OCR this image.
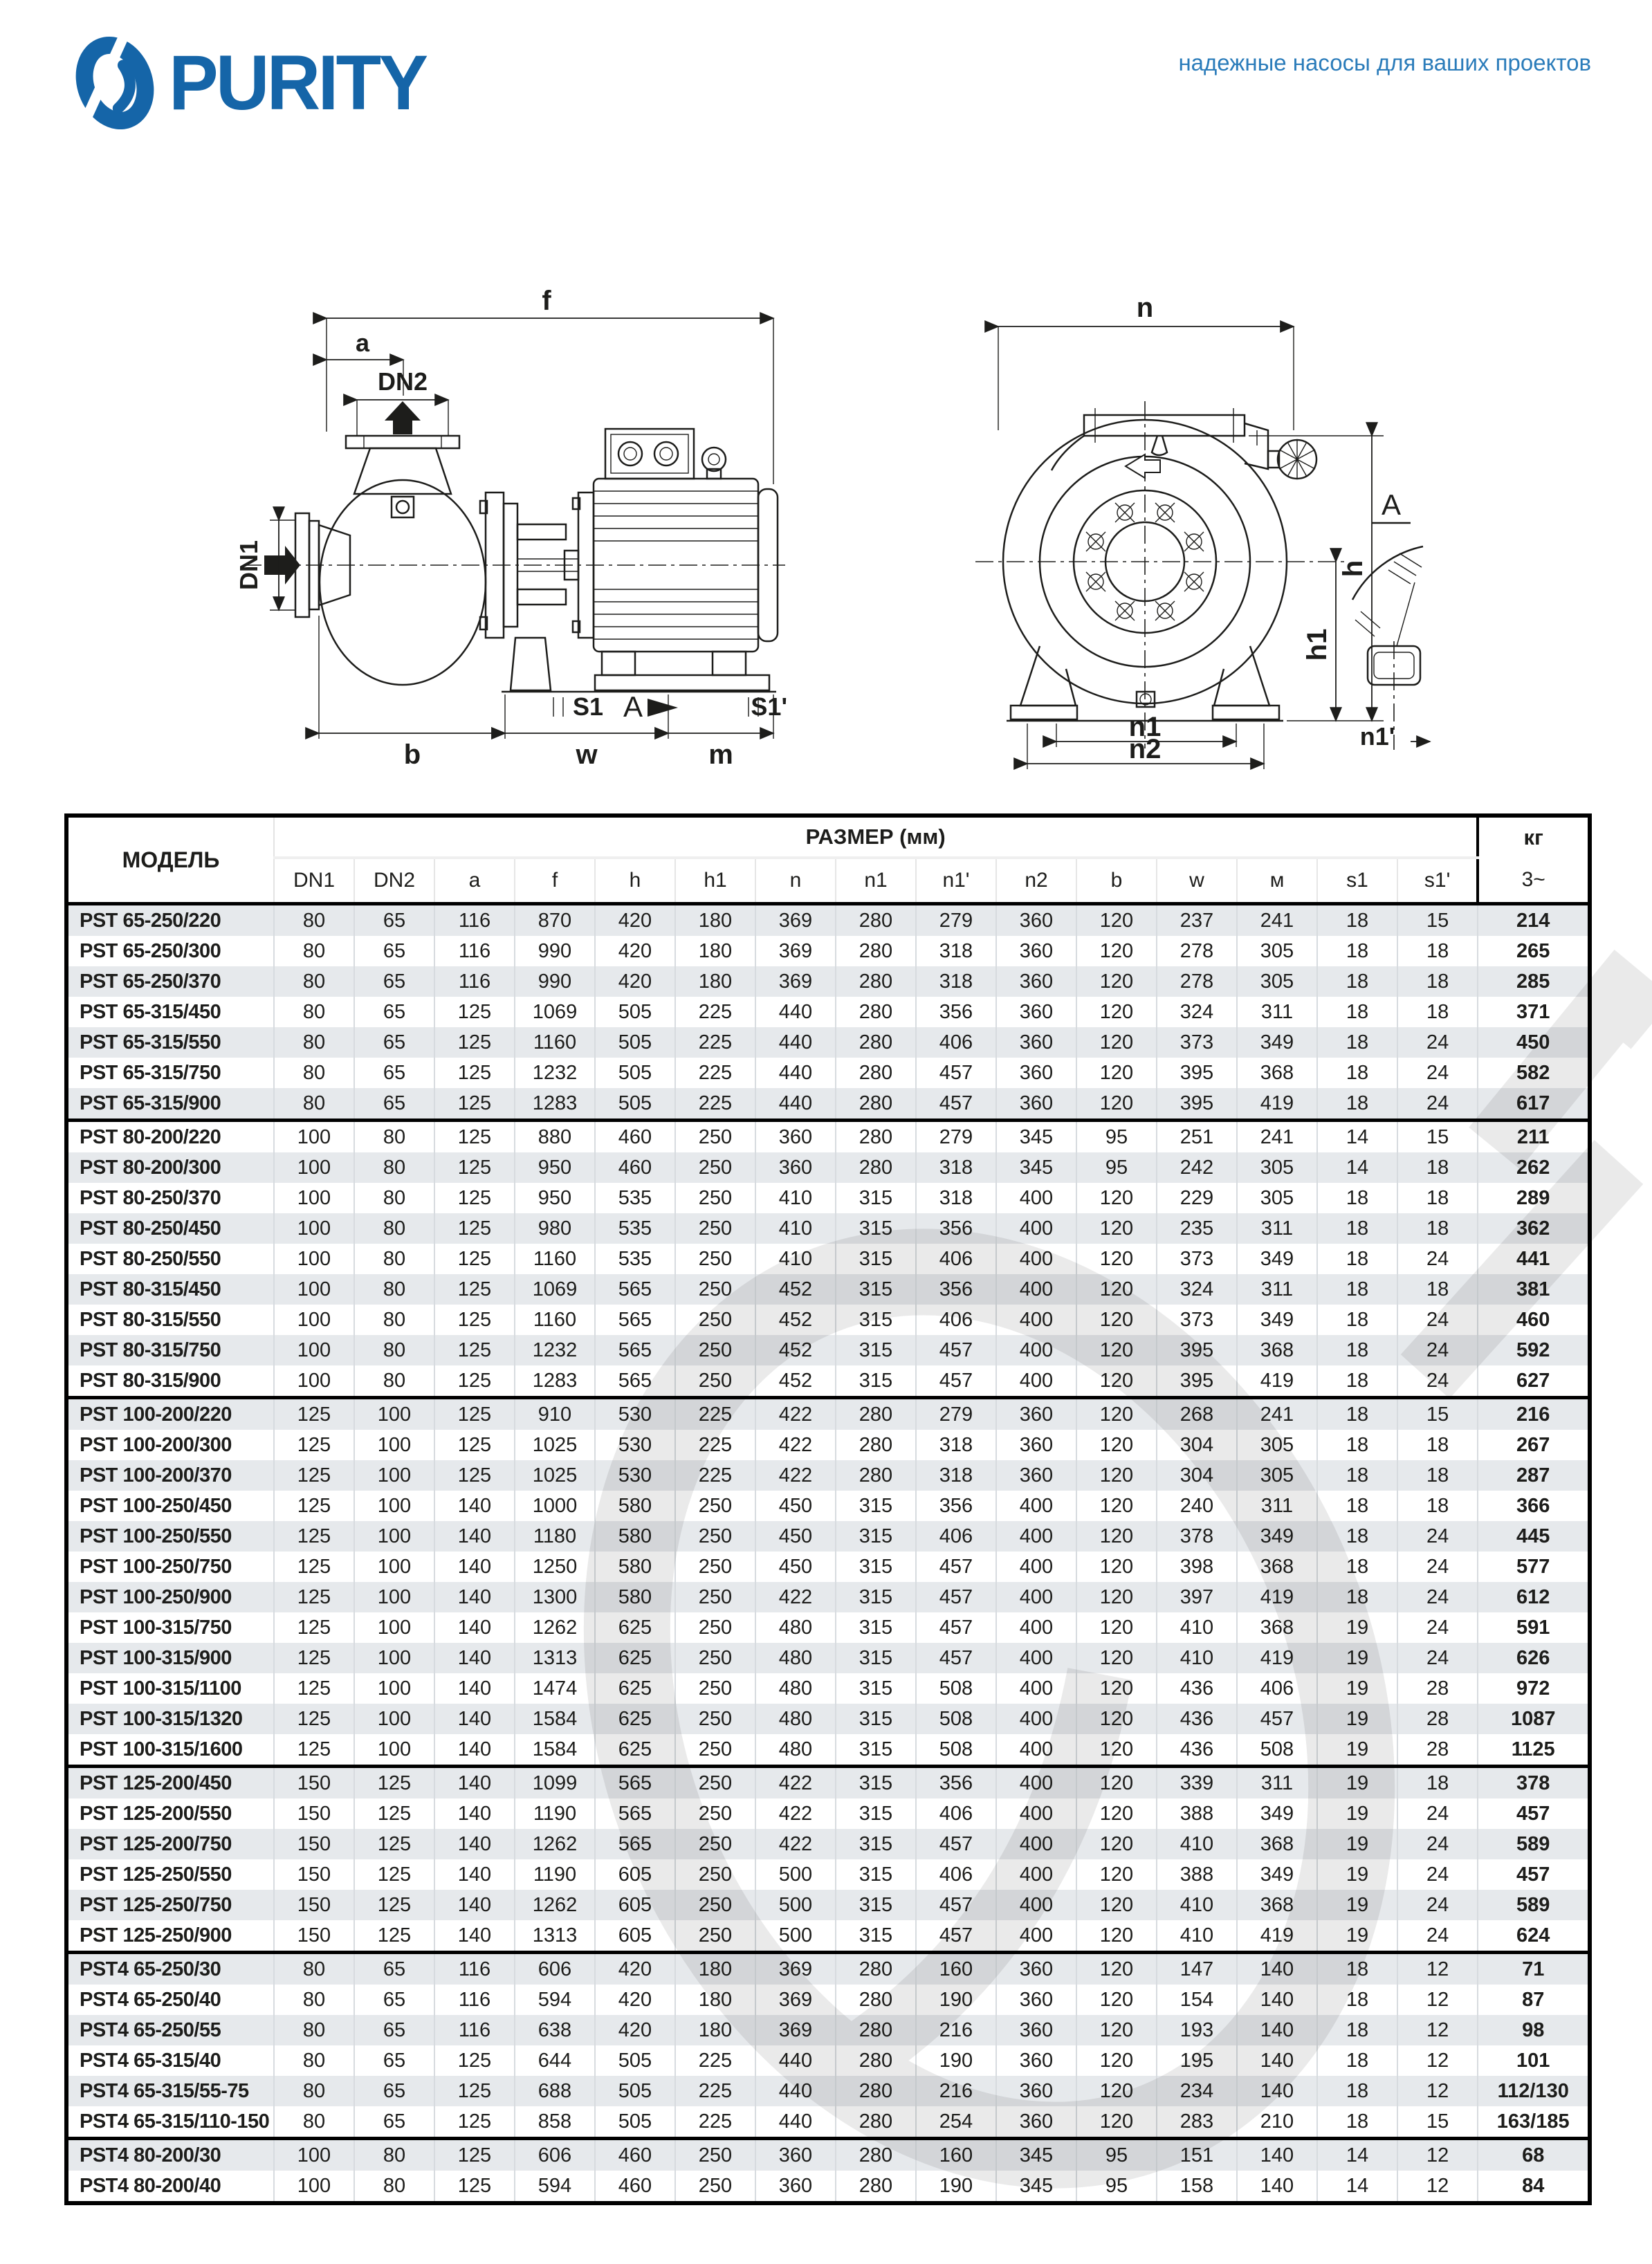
PURITY	надежные насосы для ваших проектов
f
a
DN2
DN1
b	w	m
S1 A	S1'
n
h
h1
n1
n2
A
n1'
МОДЕЛЬ	РАЗМЕР (мм)															кг
	DN1	DN2	a	f	h	h1	n	n1	n1'	n2	b	w	м	s1	s1'	3~
PST 65-250/220	80	65	116	870	420	180	369	280	279	360	120	237	241	18	15	214
PST 65-250/300	80	65	116	990	420	180	369	280	318	360	120	278	305	18	18	265
PST 65-250/370	80	65	116	990	420	180	369	280	318	360	120	278	305	18	18	285
PST 65-315/450	80	65	125	1069	505	225	440	280	356	360	120	324	311	18	18	371
PST 65-315/550	80	65	125	1160	505	225	440	280	406	360	120	373	349	18	24	450
PST 65-315/750	80	65	125	1232	505	225	440	280	457	360	120	395	368	18	24	582
PST 65-315/900	80	65	125	1283	505	225	440	280	457	360	120	395	419	18	24	617
PST 80-200/220	100	80	125	880	460	250	360	280	279	345	95	251	241	14	15	211
PST 80-200/300	100	80	125	950	460	250	360	280	318	345	95	242	305	14	18	262
PST 80-250/370	100	80	125	950	535	250	410	315	318	400	120	229	305	18	18	289
PST 80-250/450	100	80	125	980	535	250	410	315	356	400	120	235	311	18	18	362
PST 80-250/550	100	80	125	1160	535	250	410	315	406	400	120	373	349	18	24	441
PST 80-315/450	100	80	125	1069	565	250	452	315	356	400	120	324	311	18	18	381
PST 80-315/550	100	80	125	1160	565	250	452	315	406	400	120	373	349	18	24	460
PST 80-315/750	100	80	125	1232	565	250	452	315	457	400	120	395	368	18	24	592
PST 80-315/900	100	80	125	1283	565	250	452	315	457	400	120	395	419	18	24	627
PST 100-200/220	125	100	125	910	530	225	422	280	279	360	120	268	241	18	15	216
PST 100-200/300	125	100	125	1025	530	225	422	280	318	360	120	304	305	18	18	267
PST 100-200/370	125	100	125	1025	530	225	422	280	318	360	120	304	305	18	18	287
PST 100-250/450	125	100	140	1000	580	250	450	315	356	400	120	240	311	18	18	366
PST 100-250/550	125	100	140	1180	580	250	450	315	406	400	120	378	349	18	24	445
PST 100-250/750	125	100	140	1250	580	250	450	315	457	400	120	398	368	18	24	577
PST 100-250/900	125	100	140	1300	580	250	422	315	457	400	120	397	419	18	24	612
PST 100-315/750	125	100	140	1262	625	250	480	315	457	400	120	410	368	19	24	591
PST 100-315/900	125	100	140	1313	625	250	480	315	457	400	120	410	419	19	24	626
PST 100-315/1100	125	100	140	1474	625	250	480	315	508	400	120	436	406	19	28	972
PST 100-315/1320	125	100	140	1584	625	250	480	315	508	400	120	436	457	19	28	1087
PST 100-315/1600	125	100	140	1584	625	250	480	315	508	400	120	436	508	19	28	1125
PST 125-200/450	150	125	140	1099	565	250	422	315	356	400	120	339	311	19	18	378
PST 125-200/550	150	125	140	1190	565	250	422	315	406	400	120	388	349	19	24	457
PST 125-200/750	150	125	140	1262	565	250	422	315	457	400	120	410	368	19	24	589
PST 125-250/550	150	125	140	1190	605	250	500	315	406	400	120	388	349	19	24	457
PST 125-250/750	150	125	140	1262	605	250	500	315	457	400	120	410	368	19	24	589
PST 125-250/900	150	125	140	1313	605	250	500	315	457	400	120	410	419	19	24	624
PST4 65-250/30	80	65	116	606	420	180	369	280	160	360	120	147	140	18	12	71
PST4 65-250/40	80	65	116	594	420	180	369	280	190	360	120	154	140	18	12	87
PST4 65-250/55	80	65	116	638	420	180	369	280	216	360	120	193	140	18	12	98
PST4 65-315/40	80	65	125	644	505	225	440	280	190	360	120	195	140	18	12	101
PST4 65-315/55-75	80	65	125	688	505	225	440	280	216	360	120	234	140	18	12	112/130
PST4 65-315/110-150	80	65	125	858	505	225	440	280	254	360	120	283	210	18	15	163/185
PST4 80-200/30	100	80	125	606	460	250	360	280	160	345	95	151	140	14	12	68
PST4 80-200/40	100	80	125	594	460	250	360	280	190	345	95	158	140	14	12	84
